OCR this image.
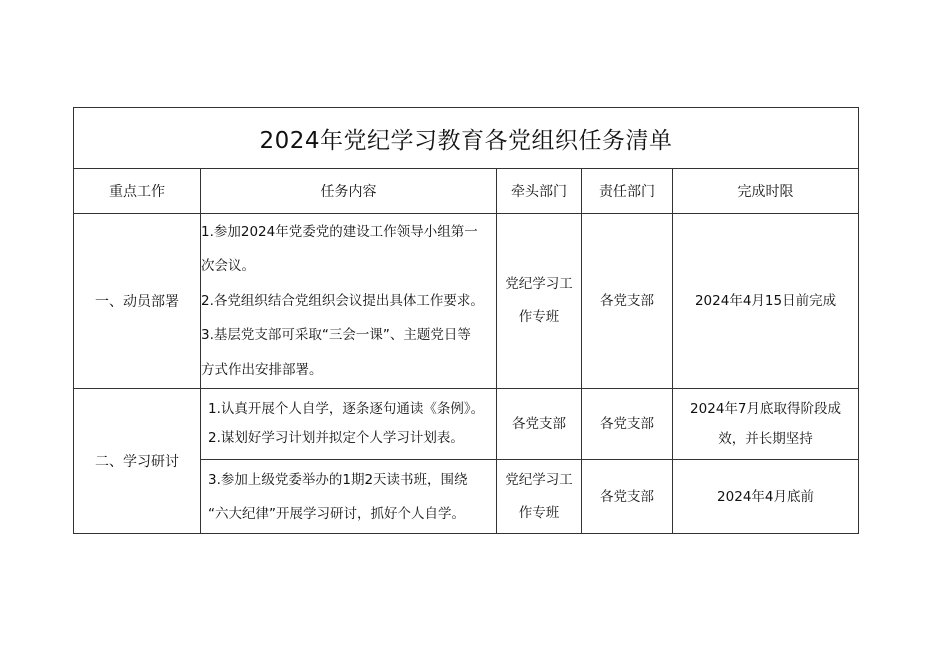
2024年党纪学习教育各党组织任务清单				
重点工作	任务内容	牵头部门	责任部门	完成时限
一、动员部署	1.参加2024年党委党的建设工作领导小组第一
次会议。
2.各党组织结合党组织会议提出具体工作要求。
3.基层党支部可采取“三会一课”、主题党日等
方式作出安排部署。	党纪学习工
作专班	各党支部	2024年4月15日前完成
二、学习研讨	1.认真开展个人自学，逐条逐句通读《条例》。
2.谋划好学习计划并拟定个人学习计划表。	各党支部	各党支部	2024年7月底取得阶段成
效，并长期坚持

	3.参加上级党委举办的1期2天读书班，围绕
“六大纪律”开展学习研讨，抓好个人自学。	党纪学习工
作专班	各党支部	2024年4月底前
